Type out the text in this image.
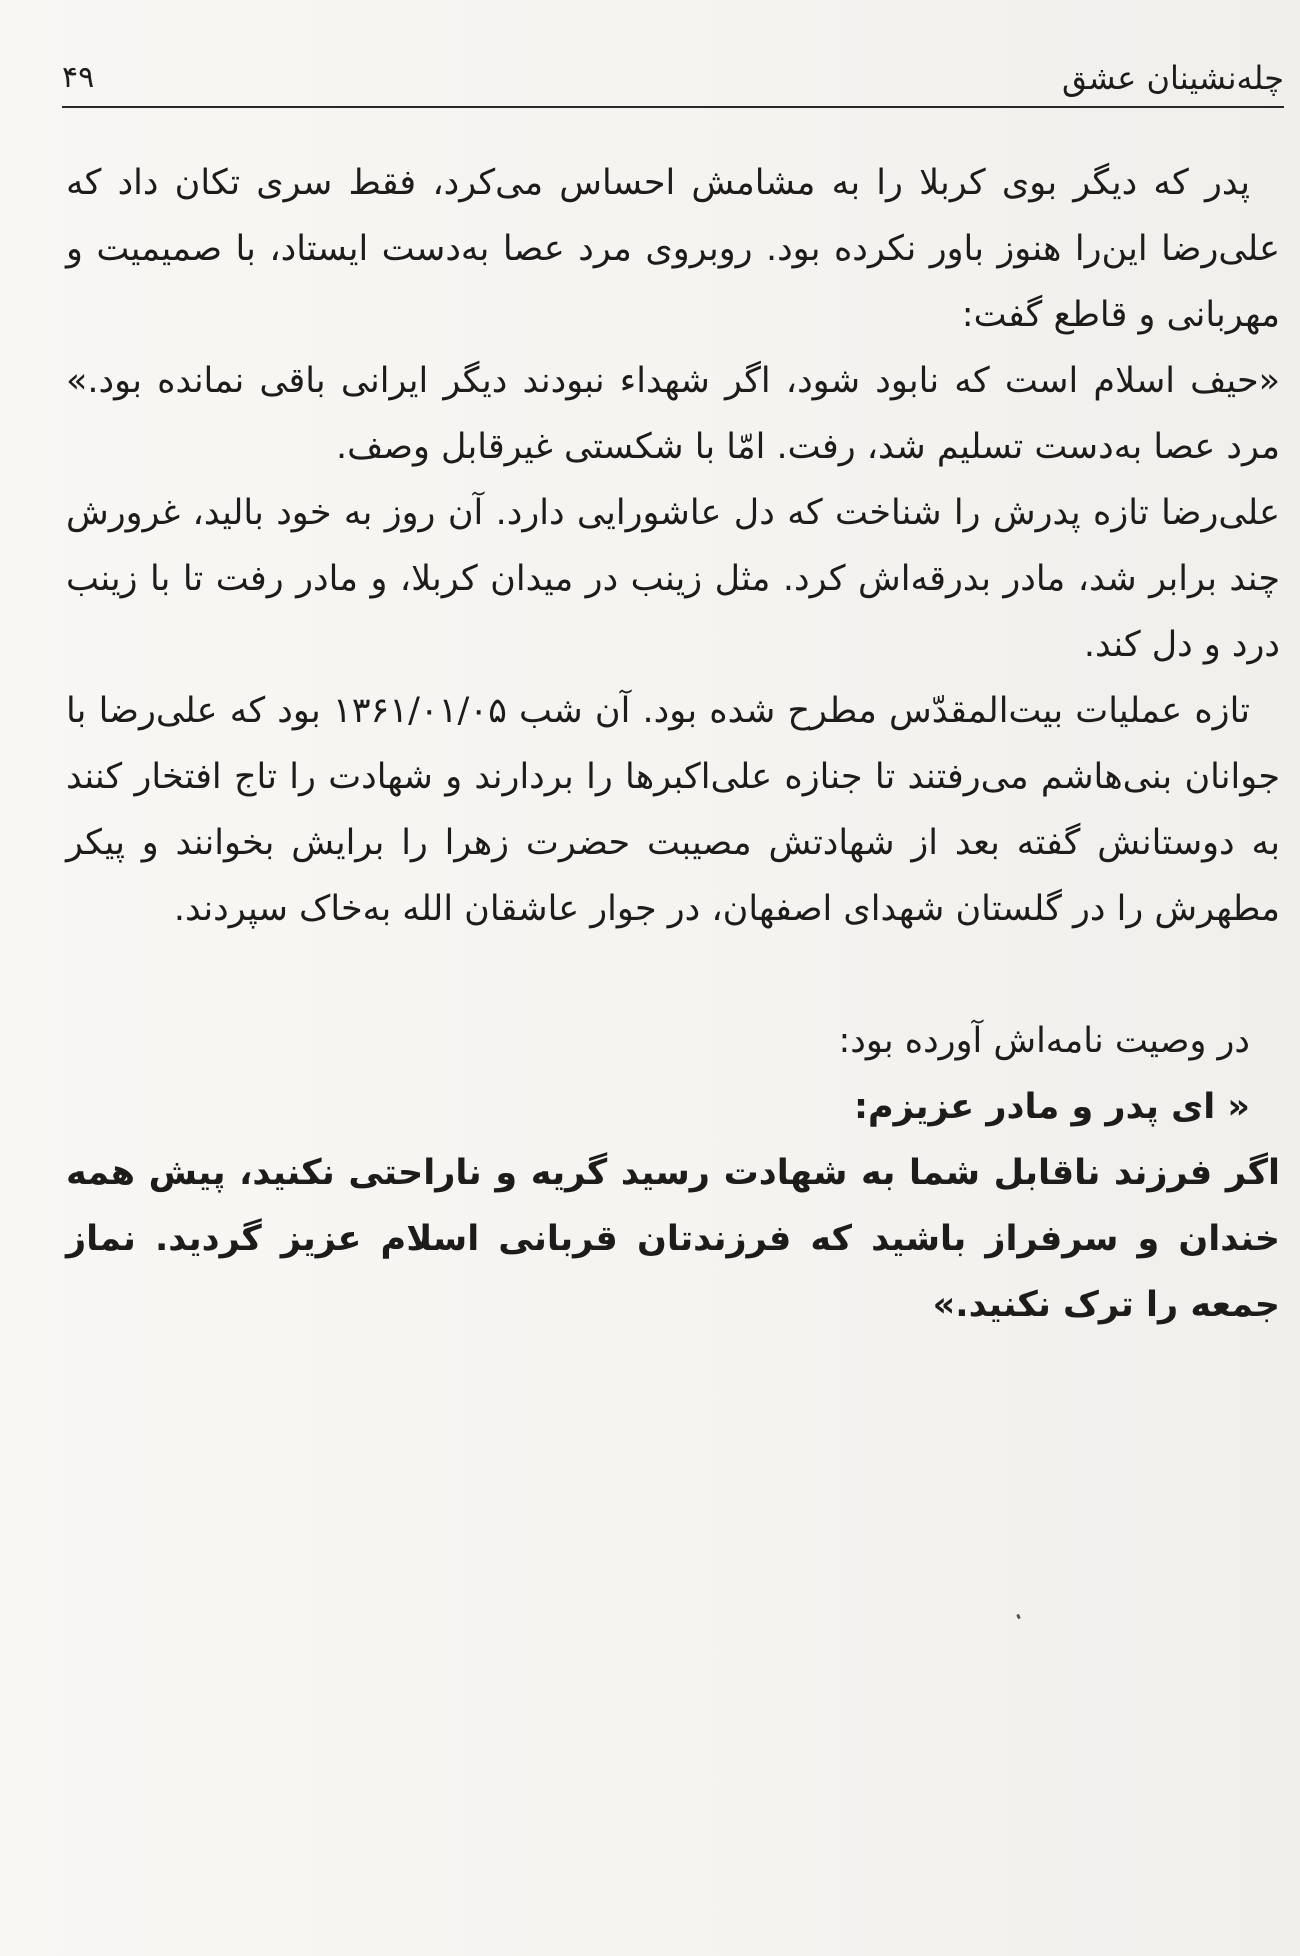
چله‌نشینان عشق
۴۹

پدر که دیگر بوی کربلا را به مشامش احساس می‌کرد، فقط سری تکان داد که علی‌رضا این‌را هنوز باور نکرده بود. روبروی مرد عصا به‌دست ایستاد، با صمیمیت و مهربانی و قاطع گفت:

«حیف اسلام است که نابود شود، اگر شهداء نبودند دیگر ایرانی باقی نمانده بود.» مرد عصا به‌دست تسلیم شد، رفت. امّا با شکستی غیرقابل وصف.

علی‌رضا تازه پدرش را شناخت که دل عاشورایی دارد. آن روز به خود بالید، غرورش چند برابر شد، مادر بدرقه‌اش کرد. مثل زینب در میدان کربلا، و مادر رفت تا با زینب درد و دل کند.

تازه عملیات بیت‌المقدّس مطرح شده بود. آن شب ۱۳۶۱/۰۱/۰۵ بود که علی‌رضا با جوانان بنی‌هاشم می‌رفتند تا جنازه علی‌اکبرها را بردارند و شهادت را تاج افتخار کنند به دوستانش گفته بعد از شهادتش مصیبت حضرت زهرا را برایش بخوانند و پیکر مطهرش را در گلستان شهدای اصفهان، در جوار عاشقان الله به‌خاک سپردند.

در وصیت نامه‌اش آورده بود:

« ای پدر و مادر عزیزم:

اگر فرزند ناقابل شما به شهادت رسید گریه و ناراحتی نکنید، پیش همه خندان و سرفراز باشید که فرزندتان قربانی اسلام عزیز گردید. نماز جمعه را ترک نکنید.»
